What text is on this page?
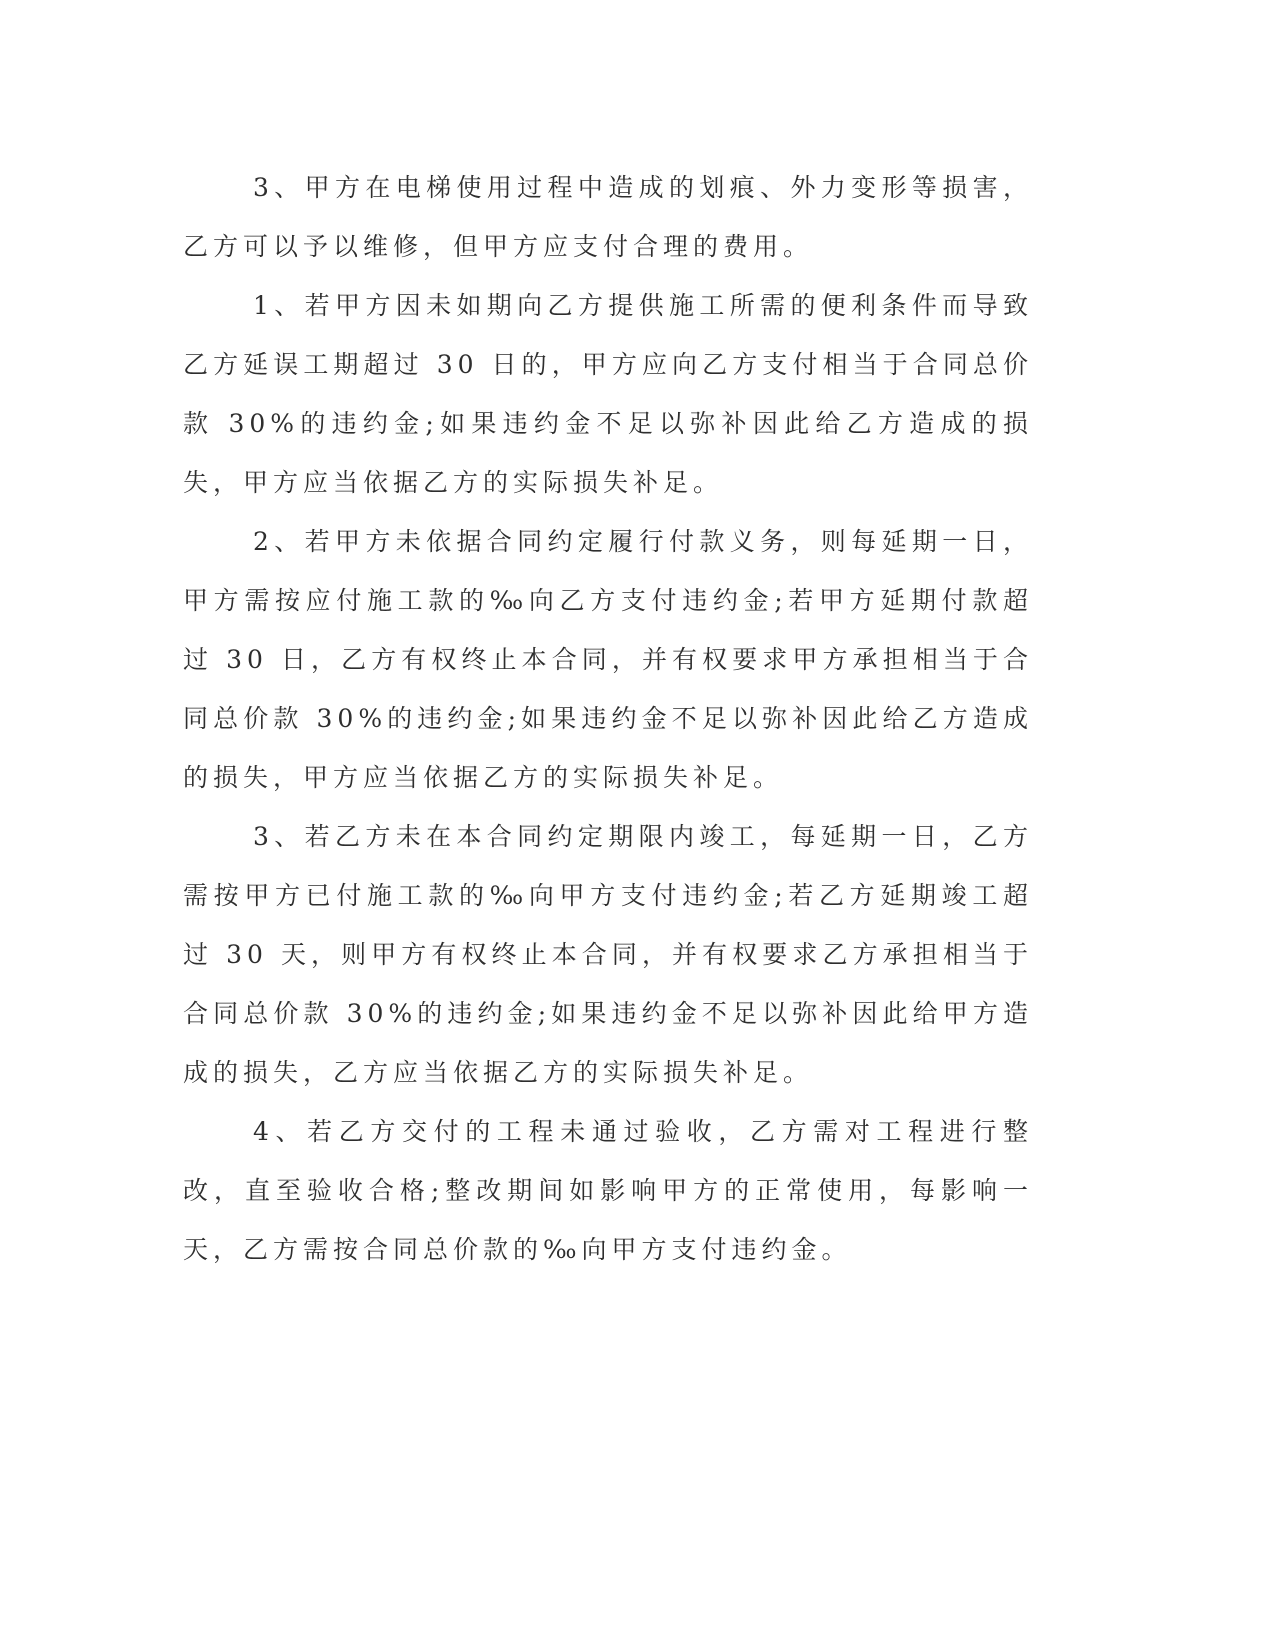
3、甲方在电梯使用过程中造成的划痕、外力变形等损害，乙方可以予以维修，但甲方应支付合理的费用。

1、若甲方因未如期向乙方提供施工所需的便利条件而导致乙方延误工期超过 30 日的，甲方应向乙方支付相当于合同总价款 30%的违约金;如果违约金不足以弥补因此给乙方造成的损失，甲方应当依据乙方的实际损失补足。

2、若甲方未依据合同约定履行付款义务，则每延期一日，甲方需按应付施工款的‰向乙方支付违约金;若甲方延期付款超过 30 日，乙方有权终止本合同，并有权要求甲方承担相当于合同总价款 30%的违约金;如果违约金不足以弥补因此给乙方造成的损失，甲方应当依据乙方的实际损失补足。

3、若乙方未在本合同约定期限内竣工，每延期一日，乙方需按甲方已付施工款的‰向甲方支付违约金;若乙方延期竣工超过 30 天，则甲方有权终止本合同，并有权要求乙方承担相当于合同总价款 30%的违约金;如果违约金不足以弥补因此给甲方造成的损失，乙方应当依据乙方的实际损失补足。

4、若乙方交付的工程未通过验收，乙方需对工程进行整改，直至验收合格;整改期间如影响甲方的正常使用，每影响一天，乙方需按合同总价款的‰向甲方支付违约金。
